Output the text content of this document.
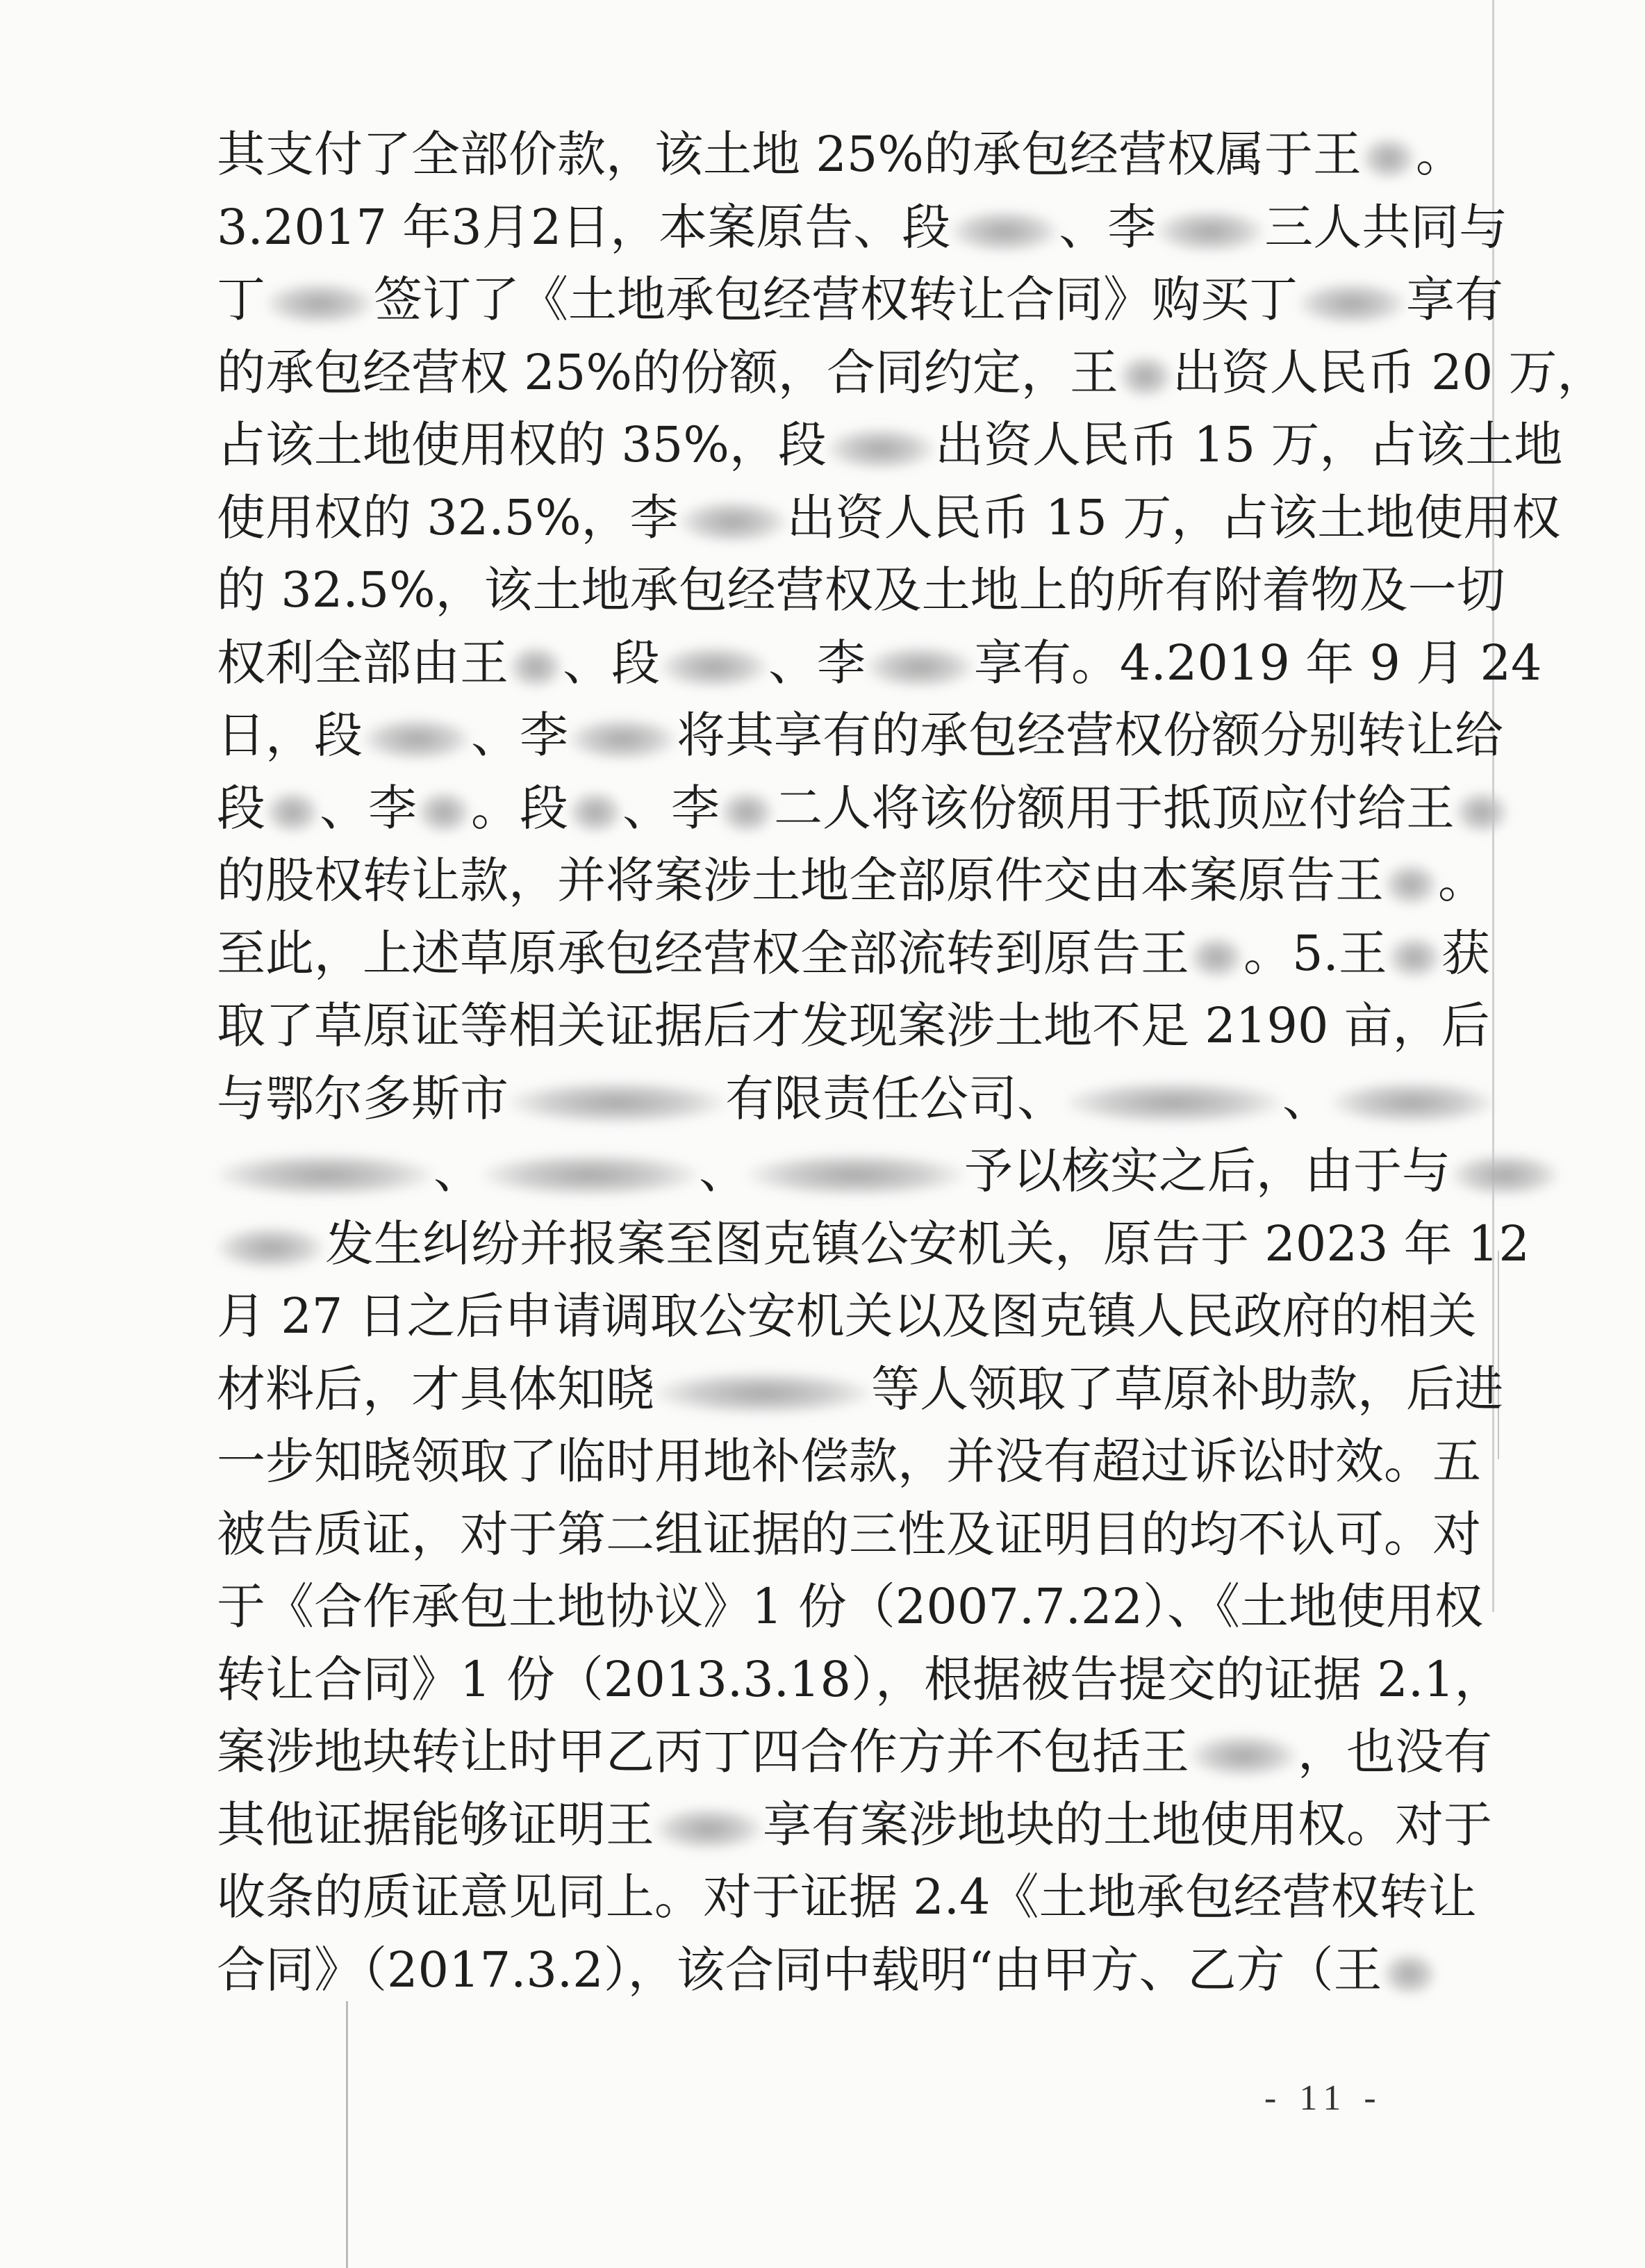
其支付了全部价款，该土地 25%的承包经营权属于王 。
3.2017 年3月2日，本案原告、段 、李 三人共同与
丁 签订了《土地承包经营权转让合同》购买丁 享有
的承包经营权 25%的份额，合同约定，王 出资人民币 20 万，
占该土地使用权的 35%，段 出资人民币 15 万，占该土地
使用权的 32.5%，李 出资人民币 15 万，占该土地使用权
的 32.5%，该土地承包经营权及土地上的所有附着物及一切
权利全部由王 、段 、李 享有。4.2019 年 9 月 24
日，段 、李 将其享有的承包经营权份额分别转让给
段 、李 。段 、李 二人将该份额用于抵顶应付给王
的股权转让款，并将案涉土地全部原件交由本案原告王 。
至此，上述草原承包经营权全部流转到原告王 。5.王 获
取了草原证等相关证据后才发现案涉土地不足 2190 亩，后
与鄂尔多斯市	有限责任公司、	、
、	、	予以核实之后，由于与
发生纠纷并报案至图克镇公安机关，原告于 2023 年 12
月 27 日之后申请调取公安机关以及图克镇人民政府的相关
材料后，才具体知晓	等人领取了草原补助款，后进
一步知晓领取了临时用地补偿款，并没有超过诉讼时效。五
被告质证，对于第二组证据的三性及证明目的均不认可。对
于《合作承包土地协议》1 份（2007.7.22）、《土地使用权
转让合同》1 份（2013.3.18），根据被告提交的证据 2.1，
案涉地块转让时甲乙丙丁四合作方并不包括王 ，也没有
其他证据能够证明王 享有案涉地块的土地使用权。对于
收条的质证意见同上。对于证据 2.4《土地承包经营权转让
合同》（2017.3.2），该合同中载明“由甲方、乙方（王
- 11 -
